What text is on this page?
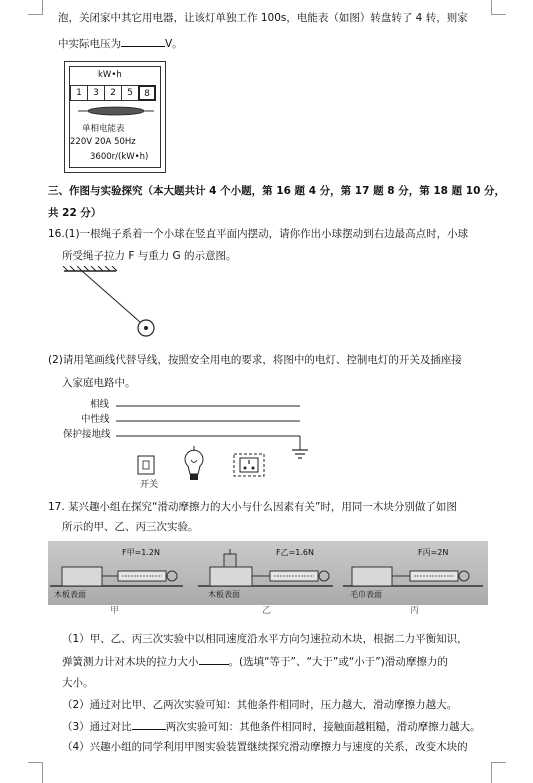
泡，关闭家中其它用电器，让该灯单独工作 100s，电能表（如图）转盘转了 4 转，则家
中实际电压为	V。
kW•h
1	3	2	5	8
单相电能表
220V 20A 50Hz
3600r/(kW•h)
三、作图与实验探究（本大题共计 4 个小题，第 16 题 4 分，第 17 题 8 分，第 18 题 10 分，
共 22 分）
16.(1)一根绳子系着一个小球在竖直平面内摆动，请你作出小球摆动到右边最高点时，小球
所受绳子拉力 F 与重力 G 的示意图。
(2)请用笔画线代替导线，按照安全用电的要求，将图中的电灯、控制电灯的开关及插座接
入家庭电路中。
相线
中性线
保护接地线
开关
17. 某兴趣小组在探究“滑动摩擦力的大小与什么因素有关”时，用同一木块分别做了如图
所示的甲、乙、丙三次实验。
F甲=1.2N	F乙=1.6N	F丙=2N
木板表面	木板表面	毛巾表面
甲	乙	丙
（1）甲、乙、丙三次实验中以相同速度沿水平方向匀速拉动木块，根据二力平衡知识，
弹簧测力计对木块的拉力大小	。(选填“等于”、“大于”或“小于”)滑动摩擦力的
大小。
（2）通过对比甲、乙两次实验可知：其他条件相同时，压力越大，滑动摩擦力越大。
（3）通过对比	两次实验可知：其他条件相同时，接触面越粗糙，滑动摩擦力越大。
（4）兴趣小组的同学利用甲图实验装置继续探究滑动摩擦力与速度的关系，改变木块的
